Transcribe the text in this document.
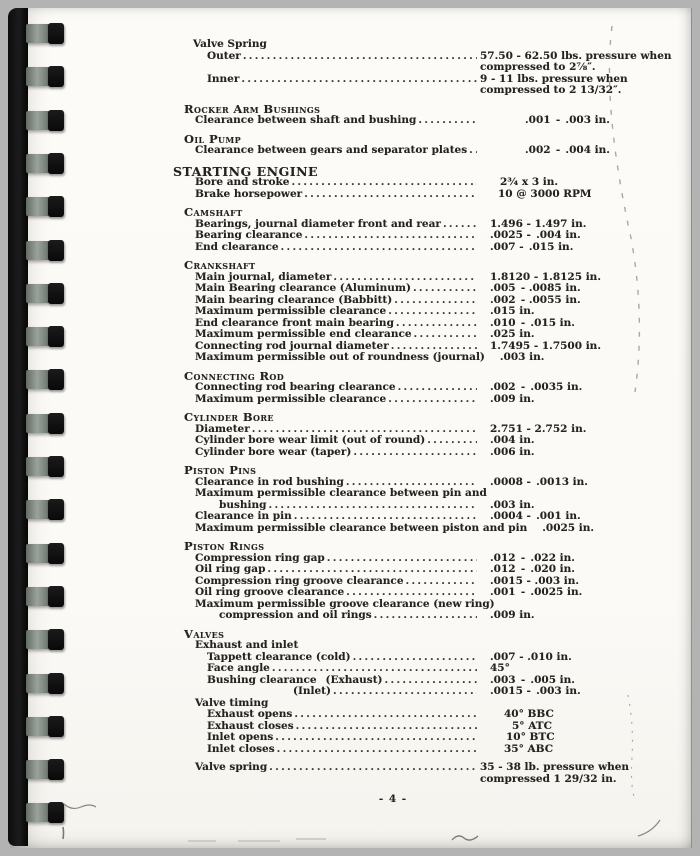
Valve Spring
Outer .....	57.50 - 62.50 lbs. pressure when compressed to 2⅞″.
Inner .....	9 - 11 lbs. pressure when compressed to 2 13/32″.
Rocker Arm Bushings
Clearance between shaft and bushing .....	.001 - .003 in.
Oil Pump
Clearance between gears and separator plates .....	.002 - .004 in.
STARTING ENGINE
Bore and stroke .....	2¾ x 3 in.
Brake horsepower .....	10 @ 3000 RPM
Camshaft
Bearings, journal diameter front and rear .....	1.496 - 1.497 in.
Bearing clearance .....	.0025 - .004 in.
End clearance .....	.007 - .015 in.
Crankshaft
Main journal, diameter .....	1.8120 - 1.8125 in.
Main Bearing clearance (Aluminum) .....	.005 - .0085 in.
Main bearing clearance (Babbitt) .....	.002 - .0055 in.
Maximum permissible clearance .....	.015 in.
End clearance front main bearing .....	.010 - .015 in.
Maximum permissible end clearance .....	.025 in.
Connecting rod journal diameter .....	1.7495 - 1.7500 in.
Maximum permissible out of roundness (journal)	.003 in.
Connecting Rod
Connecting rod bearing clearance .....	.002 - .0035 in.
Maximum permissible clearance .....	.009 in.
Cylinder Bore
Diameter .....	2.751 - 2.752 in.
Cylinder bore wear limit (out of round) .....	.004 in.
Cylinder bore wear (taper) .....	.006 in.
Piston Pins
Clearance in rod bushing .....	.0008 - .0013 in.
Maximum permissible clearance between pin and
bushing .....	.003 in.
Clearance in pin .....	.0004 - .001 in.
Maximum permissible clearance between piston and pin	.0025 in.
Piston Rings
Compression ring gap .....	.012 - .022 in.
Oil ring gap .....	.012 - .020 in.
Compression ring groove clearance .....	.0015 - .003 in.
Oil ring groove clearance .....	.001 - .0025 in.
Maximum permissible groove clearance (new ring)
compression and oil rings .....	.009 in.
Valves
Exhaust and inlet
Tappett clearance (cold) .....	.007 - .010 in.
Face angle .....	45°
Bushing clearance  (Exhaust) .....	.003 - .005 in.
(Inlet) .....	.0015 - .003 in.
Valve timing
Exhaust opens .....	40° BBC
Exhaust closes .....	5° ATC
Inlet opens .....	10° BTC
Inlet closes .....	35° ABC
Valve spring .....	35 - 38 lb. pressure when compressed 1 29/32 in.
- 4 -
